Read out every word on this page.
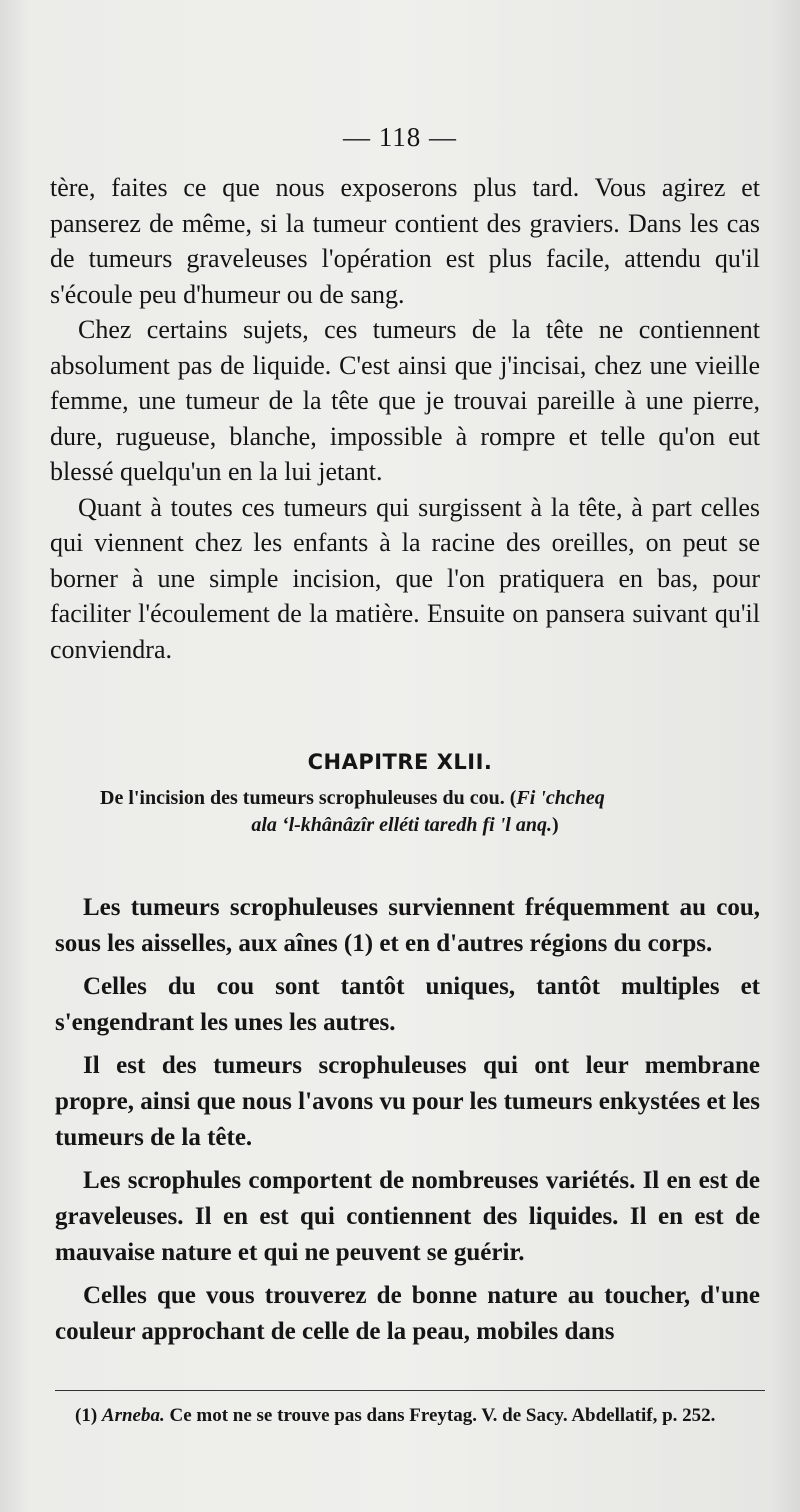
— 118 —

tère, faites ce que nous exposerons plus tard. Vous agirez et panserez de même, si la tumeur contient des graviers. Dans les cas de tumeurs graveleuses l'opération est plus facile, attendu qu'il s'écoule peu d'humeur ou de sang.

Chez certains sujets, ces tumeurs de la tête ne contiennent absolument pas de liquide. C'est ainsi que j'incisai, chez une vieille femme, une tumeur de la tête que je trouvai pareille à une pierre, dure, rugueuse, blanche, impossible à rompre et telle qu'on eut blessé quelqu'un en la lui jetant.

Quant à toutes ces tumeurs qui surgissent à la tête, à part celles qui viennent chez les enfants à la racine des oreilles, on peut se borner à une simple incision, que l'on pratiquera en bas, pour faciliter l'écoulement de la matière. Ensuite on pansera suivant qu'il conviendra.

CHAPITRE XLII.
De l'incision des tumeurs scrophuleuses du cou. (Fi 'chcheq
ala ‘l-khânâzîr elléti taredh fi 'l anq.)

Les tumeurs scrophuleuses surviennent fréquemment au cou, sous les aisselles, aux aînes (1) et en d'autres régions du corps.

Celles du cou sont tantôt uniques, tantôt multiples et s'engendrant les unes les autres.

Il est des tumeurs scrophuleuses qui ont leur membrane propre, ainsi que nous l'avons vu pour les tumeurs enkystées et les tumeurs de la tête.

Les scrophules comportent de nombreuses variétés. Il en est de graveleuses. Il en est qui contiennent des liquides. Il en est de mauvaise nature et qui ne peuvent se guérir.

Celles que vous trouverez de bonne nature au toucher, d'une couleur approchant de celle de la peau, mobiles dans

(1) Arneba. Ce mot ne se trouve pas dans Freytag. V. de Sacy. Abdellatif, p. 252.
